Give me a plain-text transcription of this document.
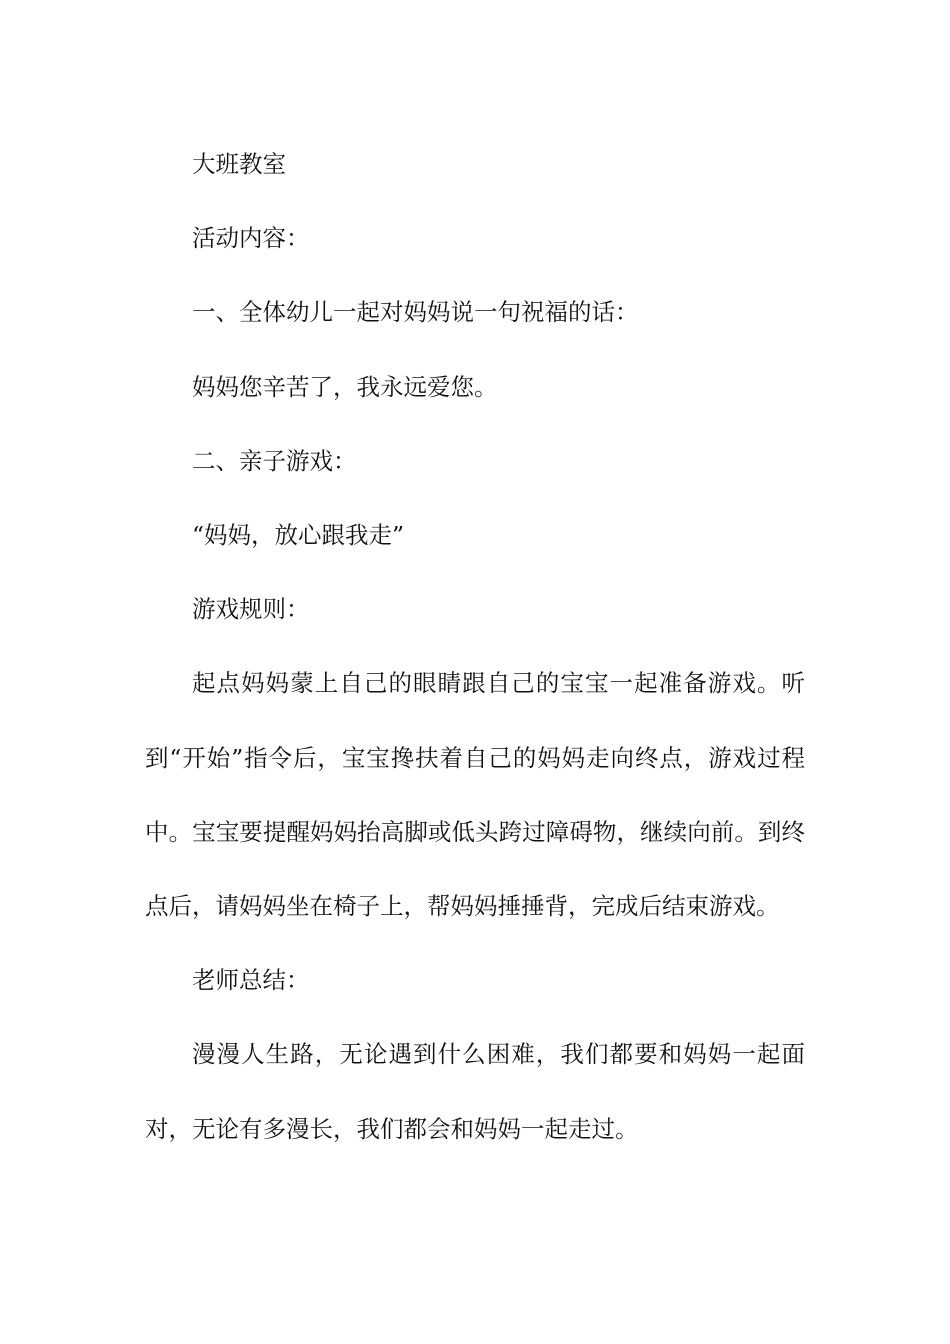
大班教室

活动内容：

一、全体幼儿一起对妈妈说一句祝福的话：

妈妈您辛苦了，我永远爱您。

二、亲子游戏：

“妈妈，放心跟我走”

游戏规则：

起点妈妈蒙上自己的眼睛跟自己的宝宝一起准备游戏。听到“开始”指令后，宝宝搀扶着自己的妈妈走向终点，游戏过程中。宝宝要提醒妈妈抬高脚或低头跨过障碍物，继续向前。到终点后，请妈妈坐在椅子上，帮妈妈捶捶背，完成后结束游戏。

老师总结：

漫漫人生路，无论遇到什么困难，我们都要和妈妈一起面对，无论有多漫长，我们都会和妈妈一起走过。
